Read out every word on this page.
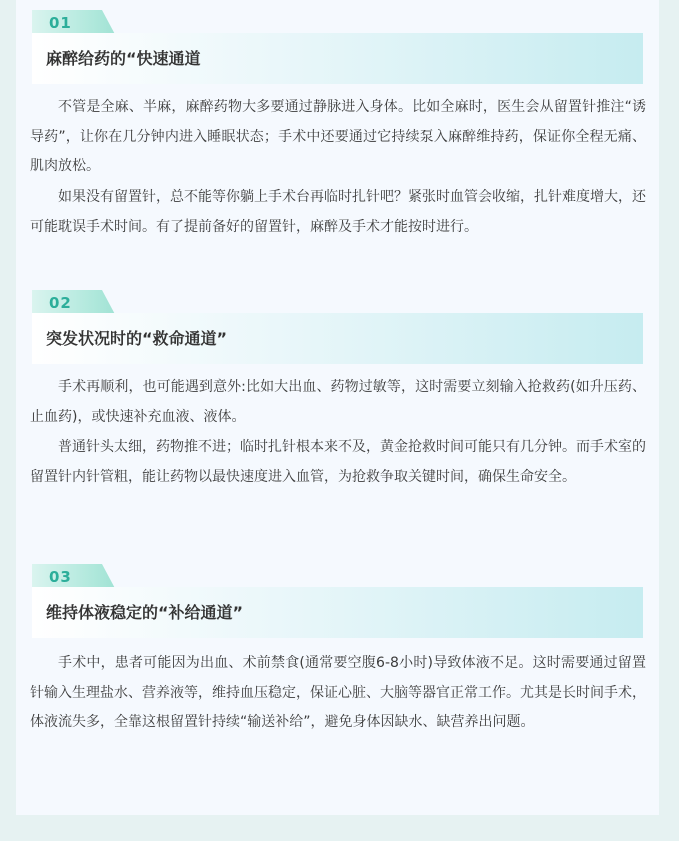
01
麻醉给药的“快速通道

不管是全麻、半麻，麻醉药物大多要通过静脉进入身体。比如全麻时，医生会从留置针推注“诱导药”，让你在几分钟内进入睡眠状态；手术中还要通过它持续泵入麻醉维持药，保证你全程无痛、肌肉放松。

如果没有留置针，总不能等你躺上手术台再临时扎针吧？紧张时血管会收缩，扎针难度增大，还可能耽误手术时间。有了提前备好的留置针，麻醉及手术才能按时进行。

02
突发状况时的“救命通道”

手术再顺利，也可能遇到意外:比如大出血、药物过敏等，这时需要立刻输入抢救药(如升压药、止血药)，或快速补充血液、液体。

普通针头太细，药物推不进；临时扎针根本来不及，黄金抢救时间可能只有几分钟。而手术室的留置针内针管粗，能让药物以最快速度进入血管，为抢救争取关键时间，确保生命安全。

03
维持体液稳定的“补给通道”

手术中，患者可能因为出血、术前禁食(通常要空腹6-8小时)导致体液不足。这时需要通过留置针输入生理盐水、营养液等，维持血压稳定，保证心脏、大脑等器官正常工作。尤其是长时间手术，体液流失多，全靠这根留置针持续“输送补给”，避免身体因缺水、缺营养出问题。
